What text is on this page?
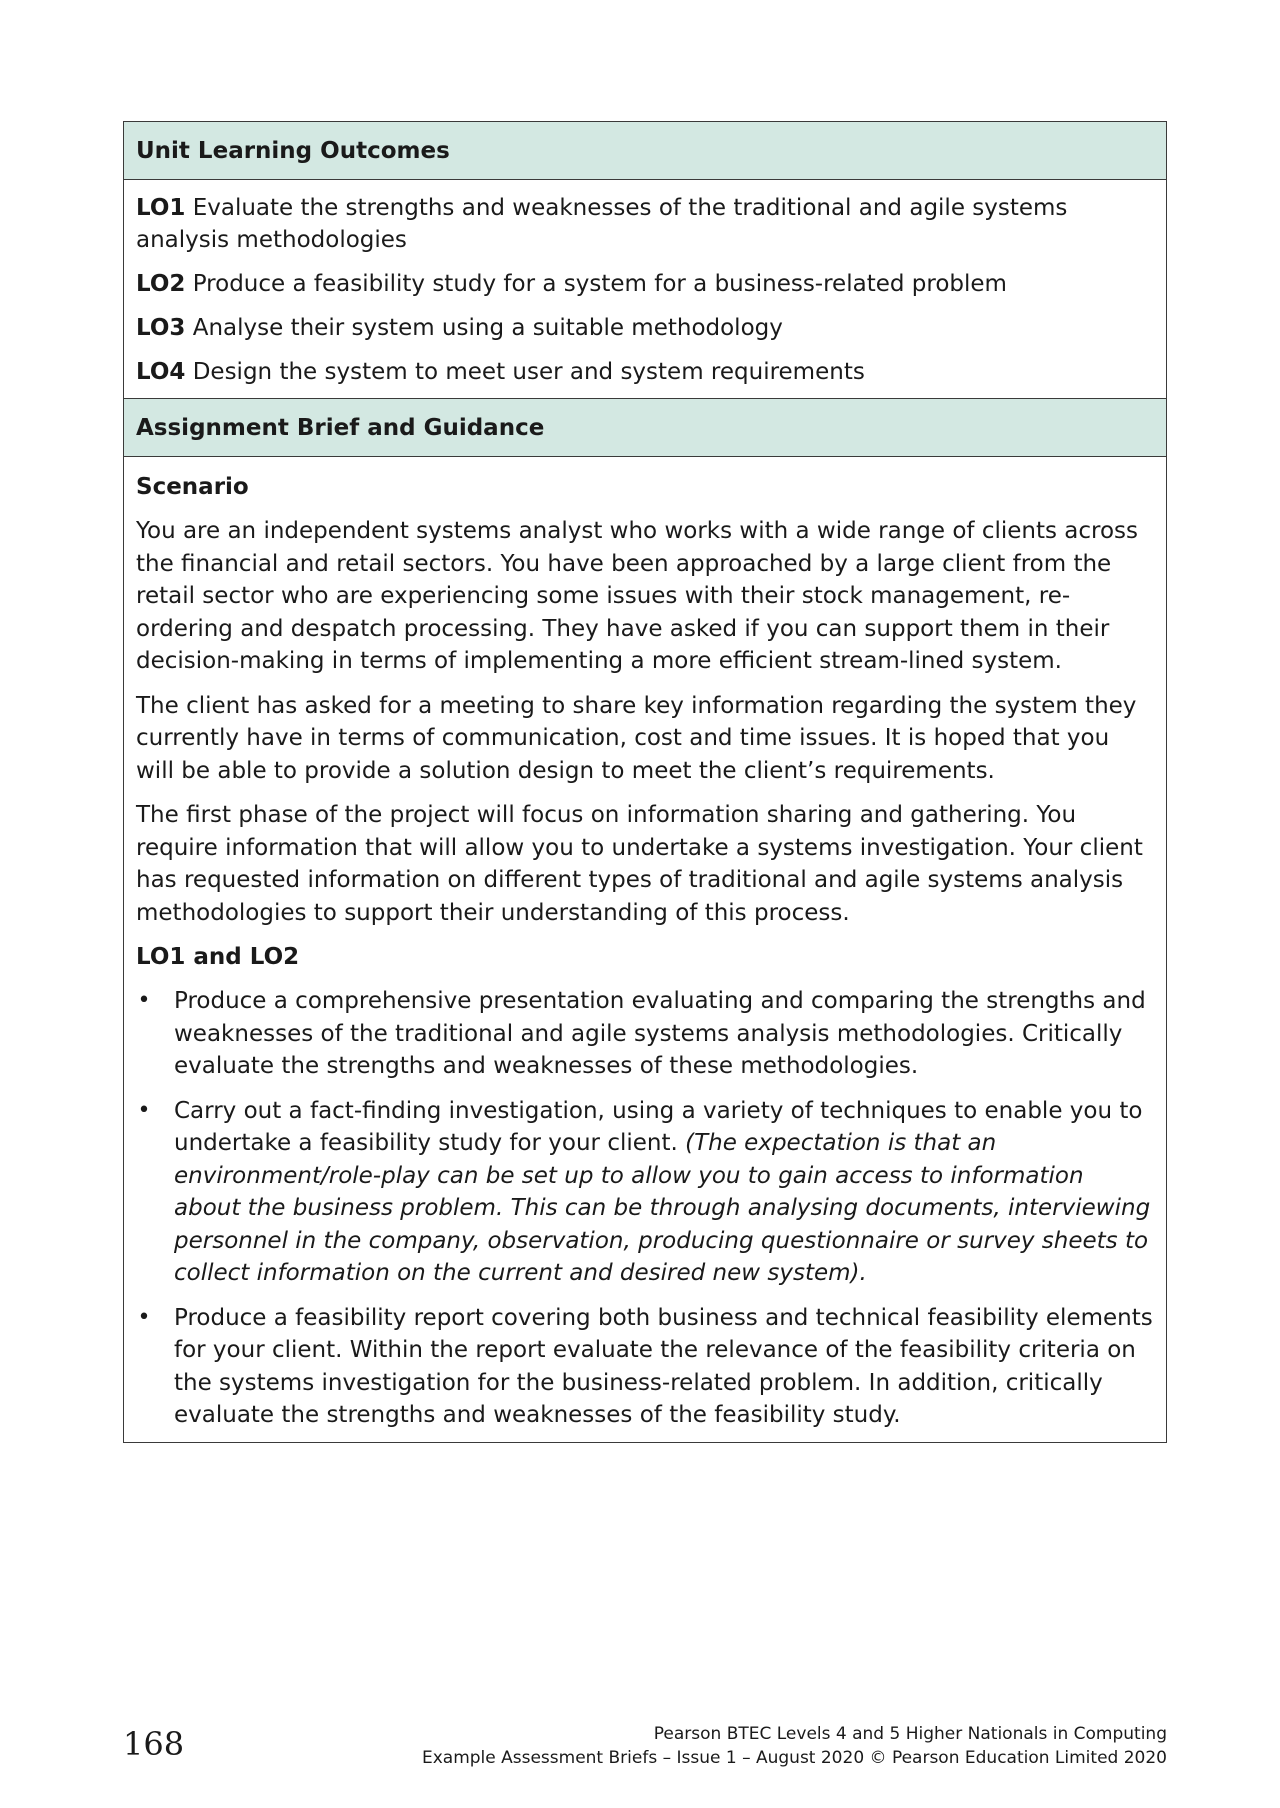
Unit Learning Outcomes

LO1 Evaluate the strengths and weaknesses of the traditional and agile systems analysis methodologies

LO2 Produce a feasibility study for a system for a business-related problem

LO3 Analyse their system using a suitable methodology

LO4 Design the system to meet user and system requirements

Assignment Brief and Guidance

Scenario

You are an independent systems analyst who works with a wide range of clients across the financial and retail sectors. You have been approached by a large client from the retail sector who are experiencing some issues with their stock management, re-ordering and despatch processing. They have asked if you can support them in their decision-making in terms of implementing a more efficient stream-lined system.

The client has asked for a meeting to share key information regarding the system they currently have in terms of communication, cost and time issues. It is hoped that you will be able to provide a solution design to meet the client’s requirements.

The first phase of the project will focus on information sharing and gathering. You require information that will allow you to undertake a systems investigation. Your client has requested information on different types of traditional and agile systems analysis methodologies to support their understanding of this process.

LO1 and LO2

• Produce a comprehensive presentation evaluating and comparing the strengths and weaknesses of the traditional and agile systems analysis methodologies. Critically evaluate the strengths and weaknesses of these methodologies.
• Carry out a fact-finding investigation, using a variety of techniques to enable you to undertake a feasibility study for your client. (The expectation is that an environment/role-play can be set up to allow you to gain access to information about the business problem. This can be through analysing documents, interviewing personnel in the company, observation, producing questionnaire or survey sheets to collect information on the current and desired new system).
• Produce a feasibility report covering both business and technical feasibility elements for your client. Within the report evaluate the relevance of the feasibility criteria on the systems investigation for the business-related problem. In addition, critically evaluate the strengths and weaknesses of the feasibility study.
168	Pearson BTEC Levels 4 and 5 Higher Nationals in Computing
Example Assessment Briefs – Issue 1 – August 2020 © Pearson Education Limited 2020
